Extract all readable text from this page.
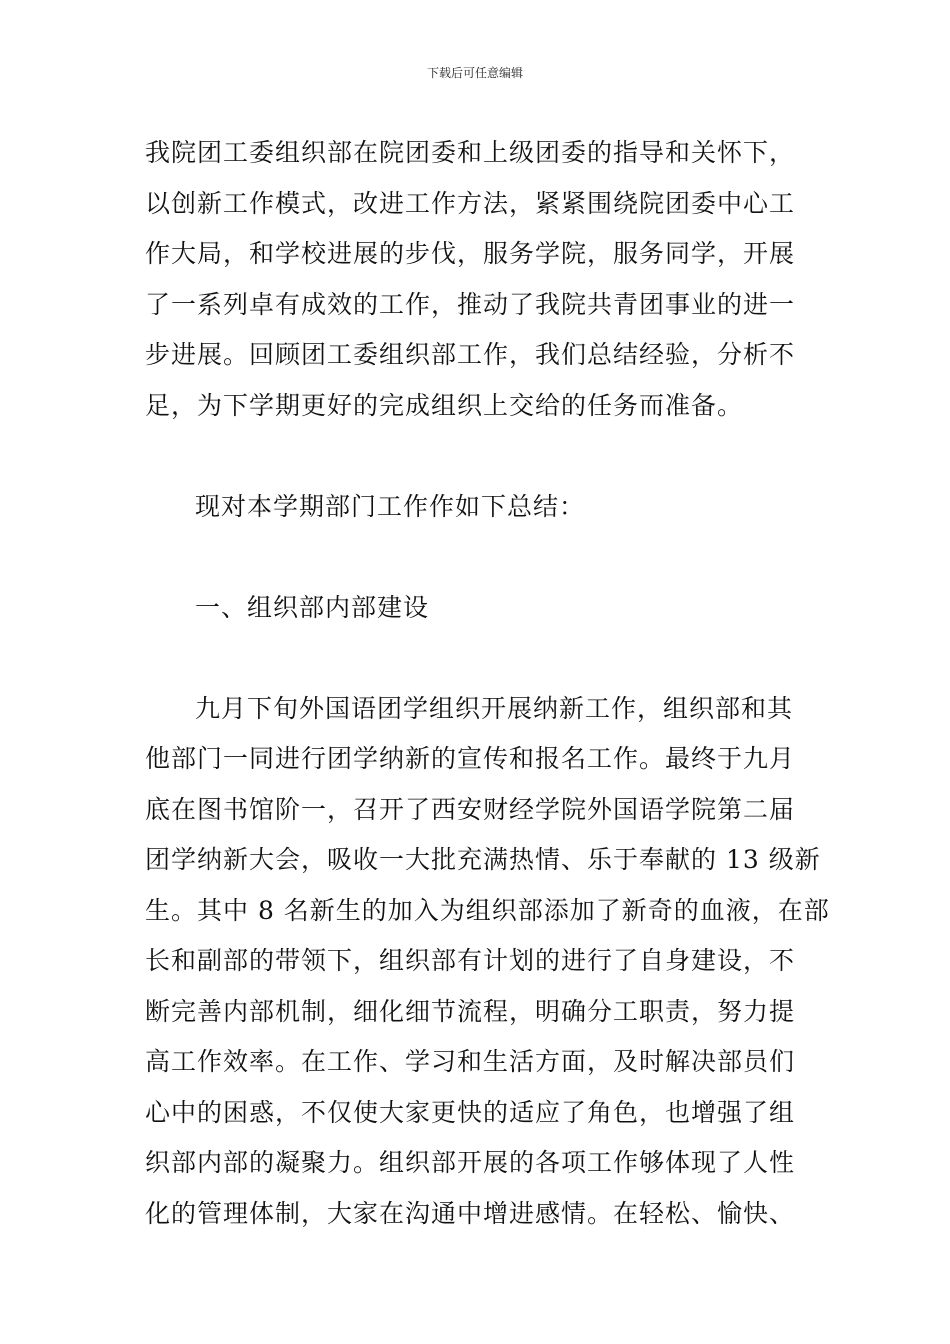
下载后可任意编辑
我院团工委组织部在院团委和上级团委的指导和关怀下，
以创新工作模式，改进工作方法，紧紧围绕院团委中心工
作大局，和学校进展的步伐，服务学院，服务同学，开展
了一系列卓有成效的工作，推动了我院共青团事业的进一
步进展。回顾团工委组织部工作，我们总结经验，分析不
足，为下学期更好的完成组织上交给的任务而准备。
现对本学期部门工作作如下总结：
一、组织部内部建设
九月下旬外国语团学组织开展纳新工作，组织部和其
他部门一同进行团学纳新的宣传和报名工作。最终于九月
底在图书馆阶一，召开了西安财经学院外国语学院第二届
团学纳新大会，吸收一大批充满热情、乐于奉献的 13 级新
生。其中 8 名新生的加入为组织部添加了新奇的血液，在部
长和副部的带领下，组织部有计划的进行了自身建设，不
断完善内部机制，细化细节流程，明确分工职责，努力提
高工作效率。在工作、学习和生活方面，及时解决部员们
心中的困惑，不仅使大家更快的适应了角色，也增强了组
织部内部的凝聚力。组织部开展的各项工作够体现了人性
化的管理体制，大家在沟通中增进感情。在轻松、愉快、
